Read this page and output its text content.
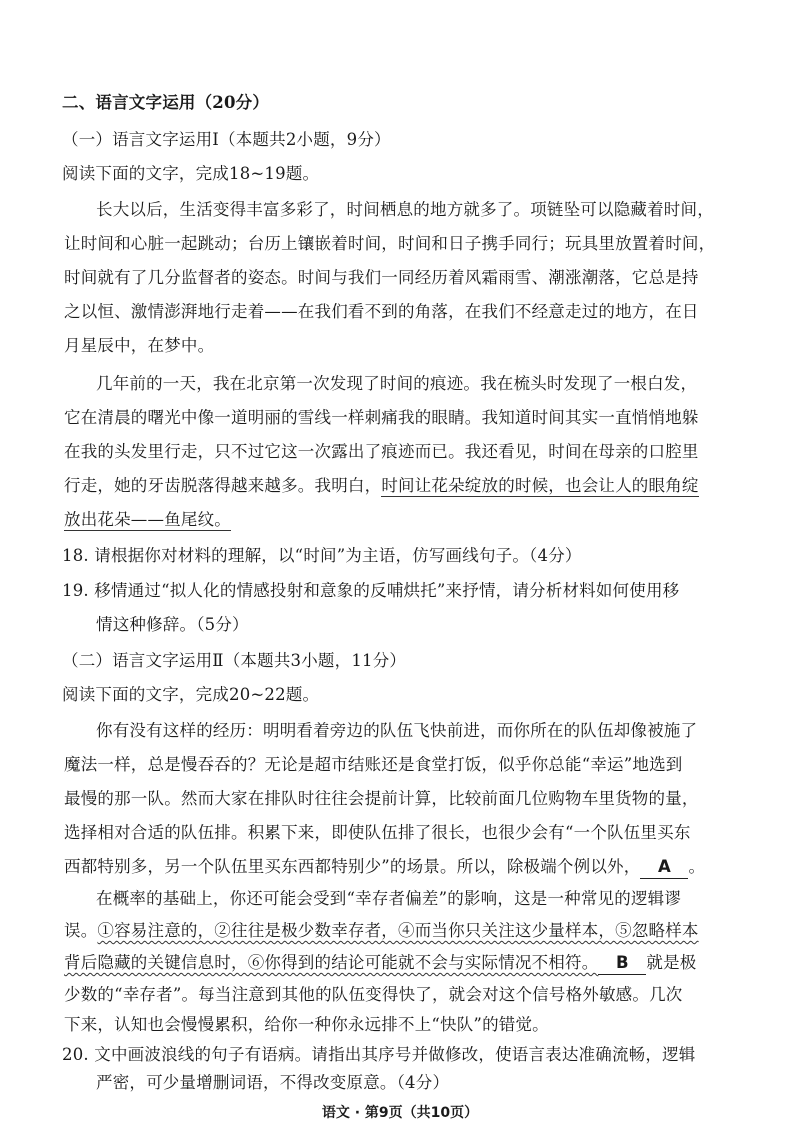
二、语言文字运用（20分）
（一）语言文字运用Ⅰ（本题共2小题，9分）
阅读下面的文字，完成18~19题。
长大以后，生活变得丰富多彩了，时间栖息的地方就多了。项链坠可以隐藏着时间，
让时间和心脏一起跳动；台历上镶嵌着时间，时间和日子携手同行；玩具里放置着时间，
时间就有了几分监督者的姿态。时间与我们一同经历着风霜雨雪、潮涨潮落，它总是持
之以恒、激情澎湃地行走着——在我们看不到的角落，在我们不经意走过的地方，在日
月星辰中，在梦中。
几年前的一天，我在北京第一次发现了时间的痕迹。我在梳头时发现了一根白发，
它在清晨的曙光中像一道明丽的雪线一样刺痛我的眼睛。我知道时间其实一直悄悄地躲
在我的头发里行走，只不过它这一次露出了痕迹而已。我还看见，时间在母亲的口腔里
行走，她的牙齿脱落得越来越多。我明白，时间让花朵绽放的时候，也会让人的眼角绽
放出花朵——鱼尾纹。
18. 请根据你对材料的理解，以“时间”为主语，仿写画线句子。（4分）
19. 移情通过“拟人化的情感投射和意象的反哺烘托”来抒情，请分析材料如何使用移
情这种修辞。（5分）
（二）语言文字运用Ⅱ（本题共3小题，11分）
阅读下面的文字，完成20~22题。
你有没有这样的经历：明明看着旁边的队伍飞快前进，而你所在的队伍却像被施了
魔法一样，总是慢吞吞的？无论是超市结账还是食堂打饭，似乎你总能“幸运”地选到
最慢的那一队。然而大家在排队时往往会提前计算，比较前面几位购物车里货物的量，
选择相对合适的队伍排。积累下来，即使队伍排了很长，也很少会有“一个队伍里买东
西都特别多，另一个队伍里买东西都特别少”的场景。所以，除极端个例以外， A 。
在概率的基础上，你还可能会受到“幸存者偏差”的影响，这是一种常见的逻辑谬
误。①容易注意的，②往往是极少数幸存者，④而当你只关注这少量样本，⑤忽略样本
背后隐藏的关键信息时，⑥你得到的结论可能就不会与实际情况不相符。 B 就是极
少数的“幸存者”。每当注意到其他的队伍变得快了，就会对这个信号格外敏感。几次
下来，认知也会慢慢累积，给你一种你永远排不上“快队”的错觉。
20. 文中画波浪线的句子有语病。请指出其序号并做修改，使语言表达准确流畅，逻辑
严密，可少量增删词语，不得改变原意。（4分）
语文 · 第9页（共10页）
